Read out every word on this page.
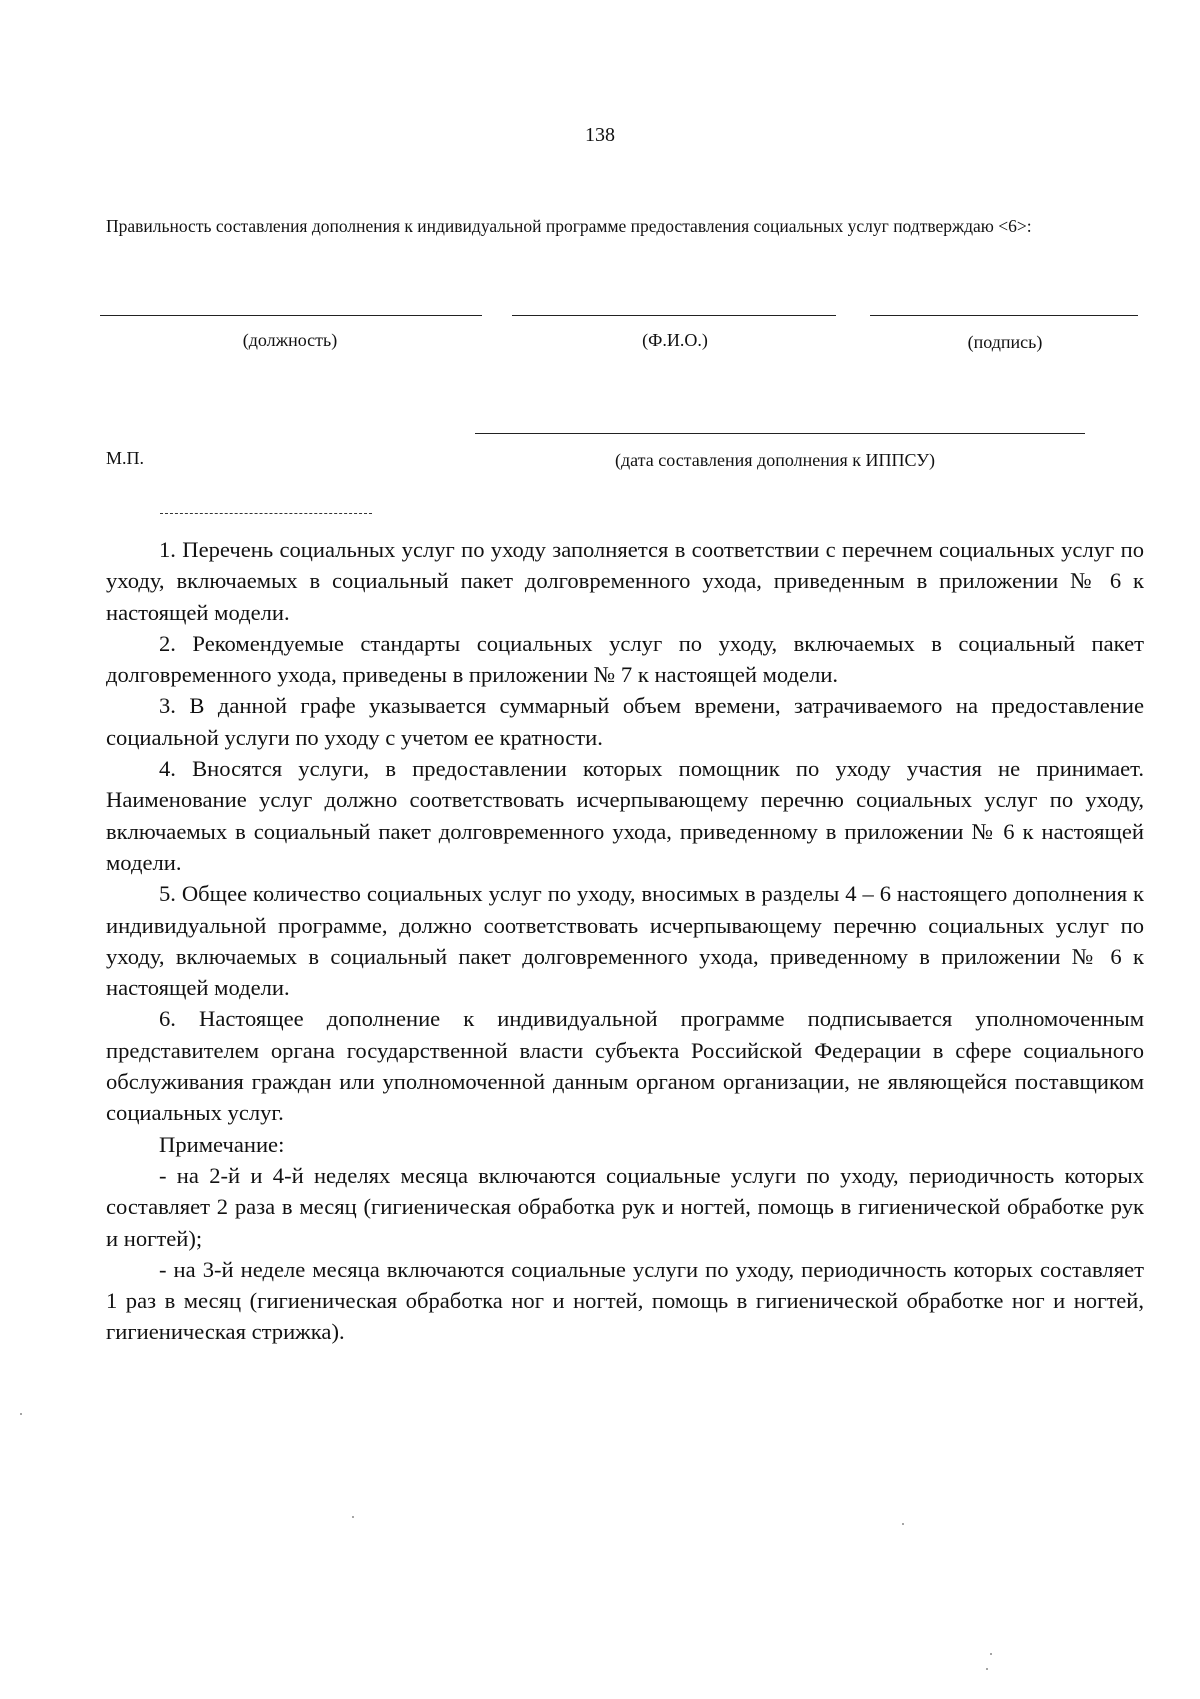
138
Правильность составления дополнения к индивидуальной программе предоставления социальных услуг подтверждаю <6>:
(должность)	(Ф.И.О.)	(подпись)
М.П.	(дата составления дополнения к ИППСУ)

1. Перечень социальных услуг по уходу заполняется в соответствии с перечнем социальных услуг по уходу, включаемых в социальный пакет долговременного ухода, приведенным в приложении № 6 к настоящей модели.

2. Рекомендуемые стандарты социальных услуг по уходу, включаемых в социальный пакет долговременного ухода, приведены в приложении № 7 к настоящей модели.

3. В данной графе указывается суммарный объем времени, затрачиваемого на предоставление социальной услуги по уходу с учетом ее кратности.

4. Вносятся услуги, в предоставлении которых помощник по уходу участия не принимает. Наименование услуг должно соответствовать исчерпывающему перечню социальных услуг по уходу, включаемых в социальный пакет долговременного ухода, приведенному в приложении № 6 к настоящей модели.

5. Общее количество социальных услуг по уходу, вносимых в разделы 4 – 6 настоящего дополнения к индивидуальной программе, должно соответствовать исчерпывающему перечню социальных услуг по уходу, включаемых в социальный пакет долговременного ухода, приведенному в приложении № 6 к настоящей модели.

6. Настоящее дополнение к индивидуальной программе подписывается уполномоченным представителем органа государственной власти субъекта Российской Федерации в сфере социального обслуживания граждан или уполномоченной данным органом организации, не являющейся поставщиком социальных услуг.

Примечание:

- на 2-й и 4-й неделях месяца включаются социальные услуги по уходу, периодичность которых составляет 2 раза в месяц (гигиеническая обработка рук и ногтей, помощь в гигиенической обработке рук и ногтей);

- на 3-й неделе месяца включаются социальные услуги по уходу, периодичность которых составляет 1 раз в месяц (гигиеническая обработка ног и ногтей, помощь в гигиенической обработке ног и ногтей, гигиеническая стрижка).
